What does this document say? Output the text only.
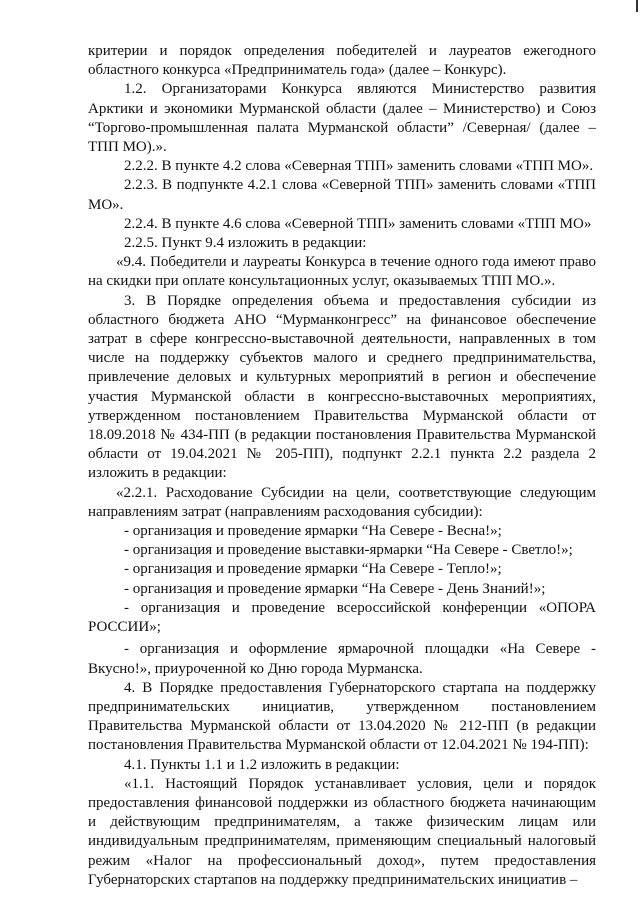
критерии и порядок определения победителей и лауреатов ежегодного областного конкурса «Предприниматель года» (далее – Конкурс).

1.2. Организаторами Конкурса являются Министерство развития Арктики и экономики Мурманской области (далее – Министерство) и Союз “Торгово-промышленная палата Мурманской области” /Северная/ (далее – ТПП МО).».

2.2.2. В пункте 4.2 слова «Северная ТПП» заменить словами «ТПП МО».

2.2.3. В подпункте 4.2.1 слова «Северной ТПП» заменить словами «ТПП МО».

2.2.4. В пункте 4.6 слова «Северной ТПП» заменить словами «ТПП МО»

2.2.5. Пункт 9.4 изложить в редакции:

«9.4. Победители и лауреаты Конкурса в течение одного года имеют право на скидки при оплате консультационных услуг, оказываемых ТПП МО.».

3. В Порядке определения объема и предоставления субсидии из областного бюджета АНО “Мурманконгресс” на финансовое обеспечение затрат в сфере конгрессно-выставочной деятельности, направленных в том числе на поддержку субъектов малого и среднего предпринимательства, привлечение деловых и культурных мероприятий в регион и обеспечение участия Мурманской области в конгрессно-выставочных мероприятиях, утвержденном постановлением Правительства Мурманской области от 18.09.2018 № 434-ПП (в редакции постановления Правительства Мурманской области от 19.04.2021 № 205-ПП), подпункт 2.2.1 пункта 2.2 раздела 2 изложить в редакции:

«2.2.1. Расходование Субсидии на цели, соответствующие следующим направлениям затрат (направлениям расходования субсидии):

- организация и проведение ярмарки “На Севере - Весна!»;

- организация и проведение выставки-ярмарки “На Севере - Светло!»;

- организация и проведение ярмарки “На Севере - Тепло!»;

- организация и проведение ярмарки “На Севере - День Знаний!»;

- организация и проведение всероссийской конференции «ОПОРА РОССИИ»;

- организация и оформление ярмарочной площадки «На Севере - Вкусно!», приуроченной ко Дню города Мурманска.

4. В Порядке предоставления Губернаторского стартапа на поддержку предпринимательских инициатив, утвержденном постановлением Правительства Мурманской области от 13.04.2020 № 212-ПП (в редакции постановления Правительства Мурманской области от 12.04.2021 № 194-ПП):

4.1. Пункты 1.1 и 1.2 изложить в редакции:

«1.1. Настоящий Порядок устанавливает условия, цели и порядок предоставления финансовой поддержки из областного бюджета начинающим и действующим предпринимателям, а также физическим лицам или индивидуальным предпринимателям, применяющим специальный налоговый режим «Налог на профессиональный доход», путем предоставления Губернаторских стартапов на поддержку предпринимательских инициатив –
